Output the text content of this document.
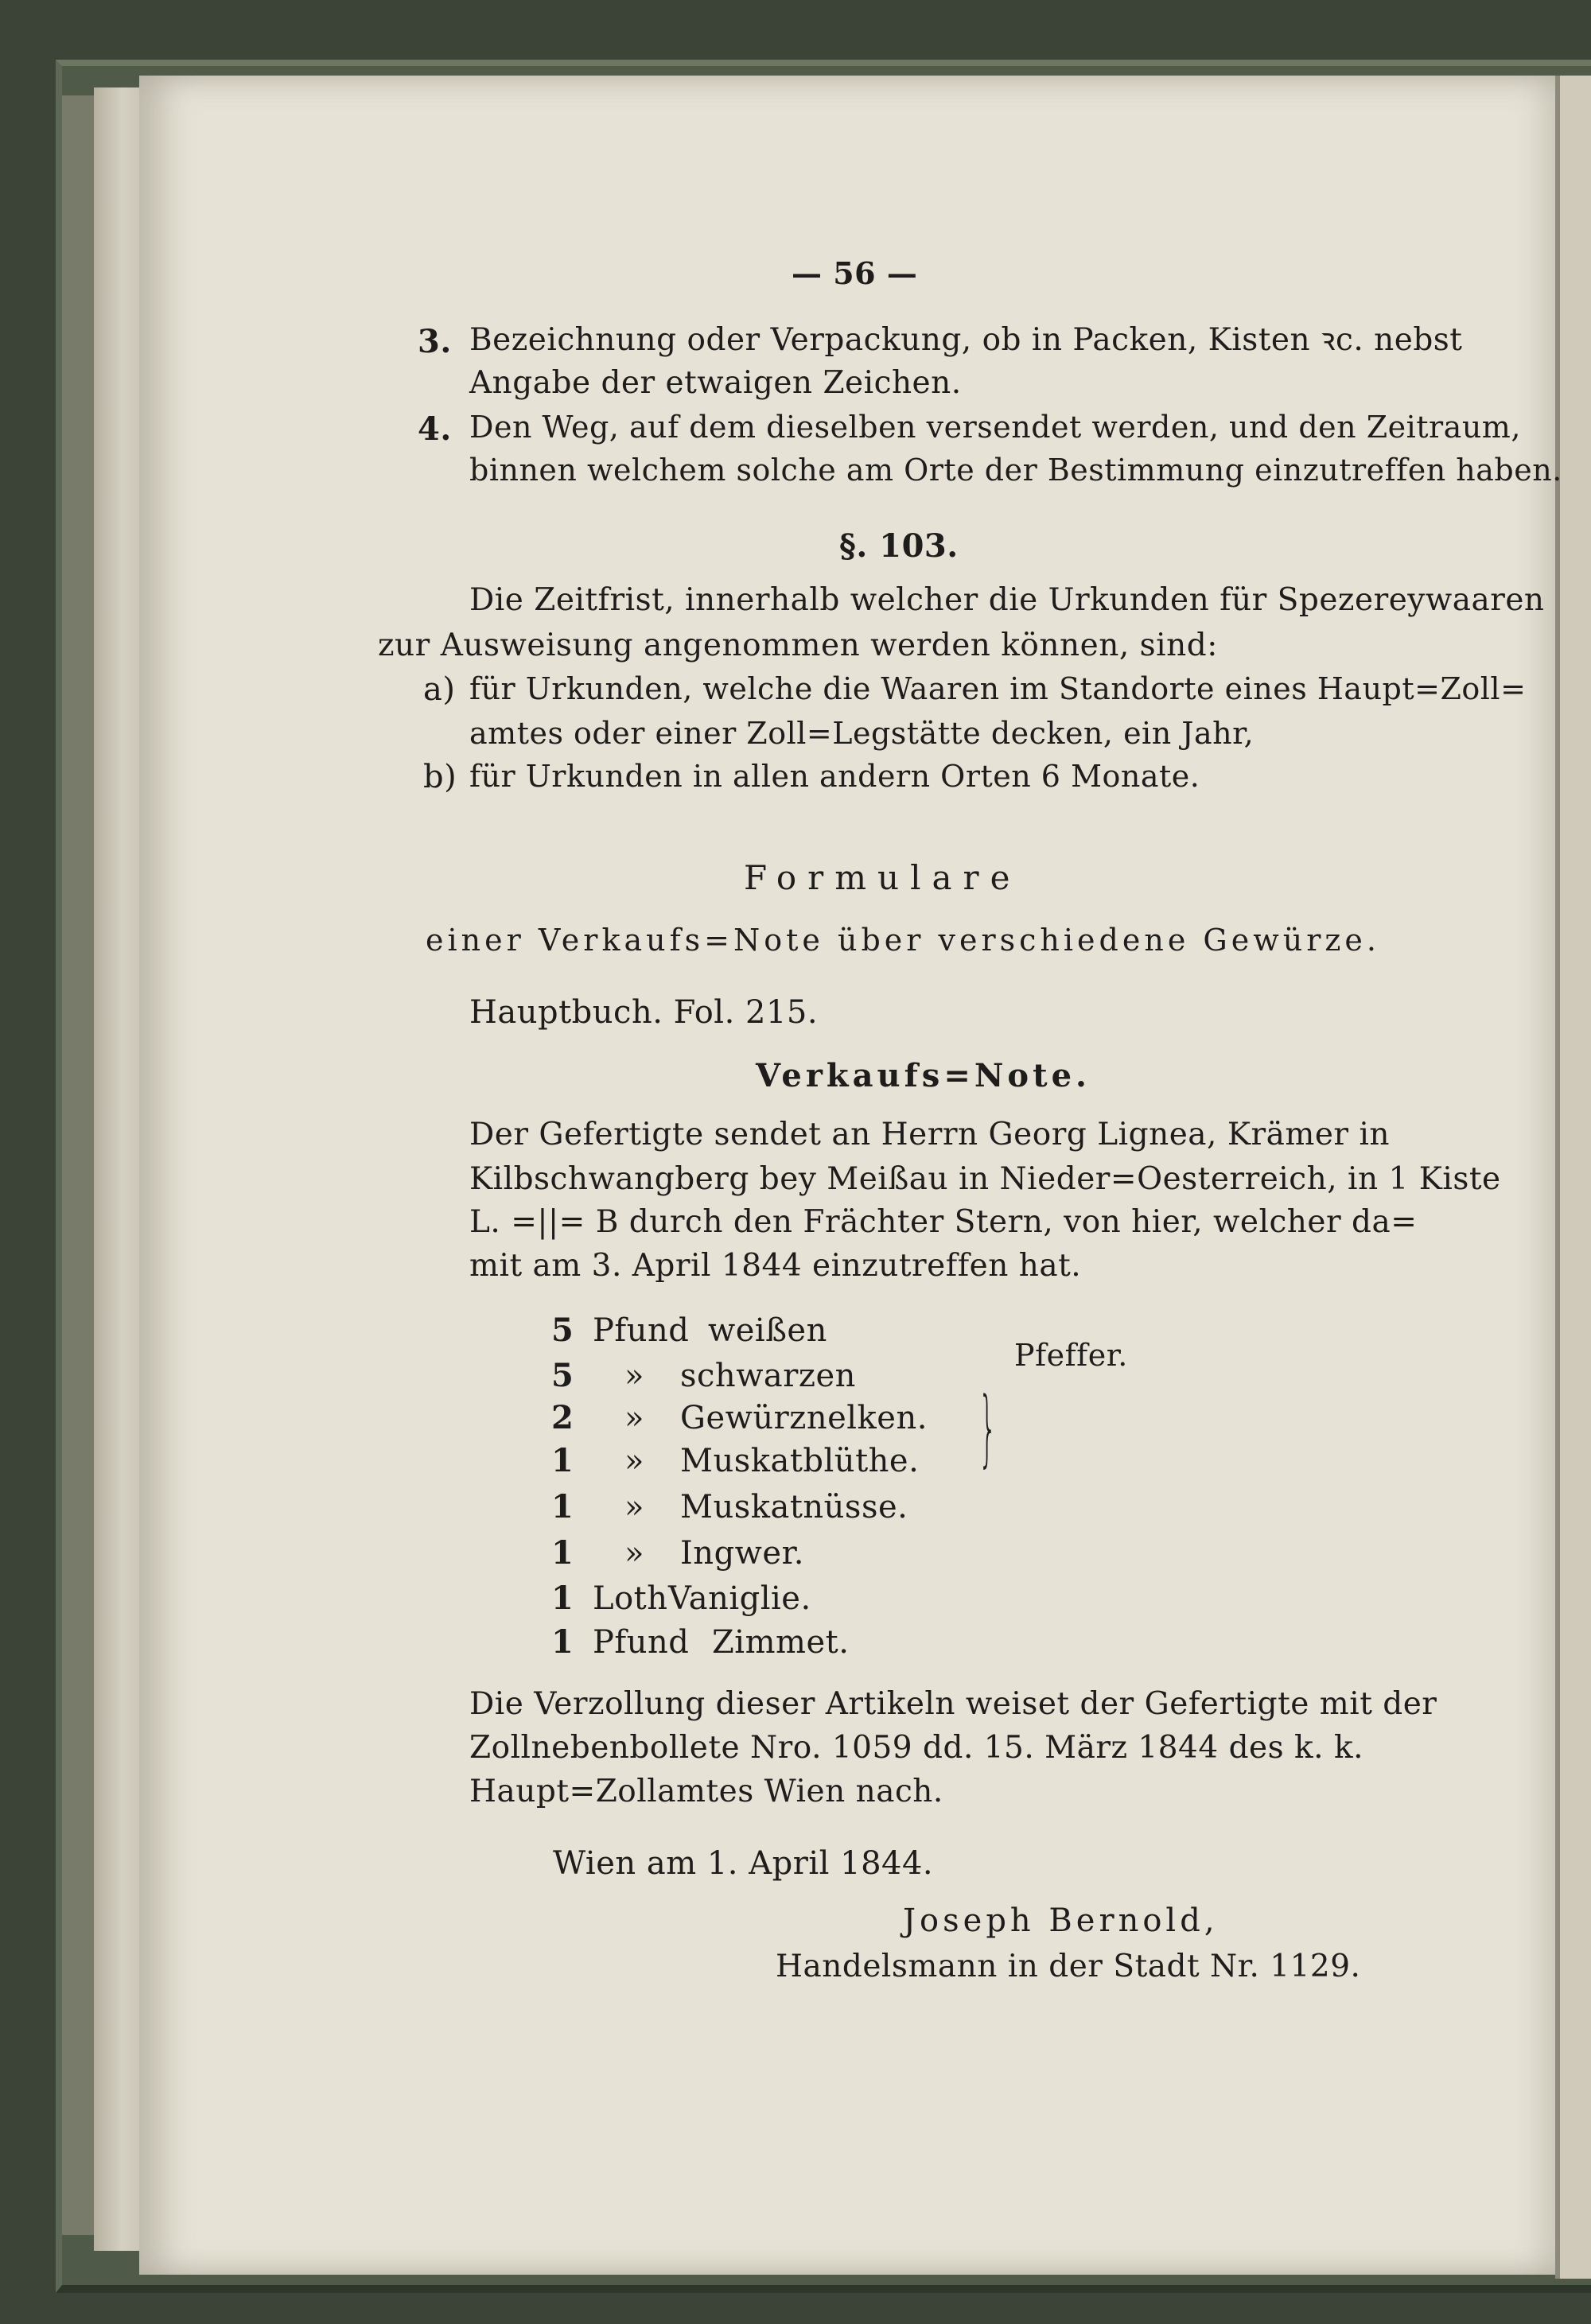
— 56 —
3. Bezeichnung oder Verpackung, ob in Packen, Kisten ꝛc. nebst
Angabe der etwaigen Zeichen.
4. Den Weg, auf dem dieselben versendet werden, und den Zeitraum,
binnen welchem solche am Orte der Bestimmung einzutreffen haben.
§. 103.
Die Zeitfrist, innerhalb welcher die Urkunden für Spezereywaaren
zur Ausweisung angenommen werden können, sind:
a) für Urkunden, welche die Waaren im Standorte eines Haupt=Zoll=
amtes oder einer Zoll=Legstätte decken, ein Jahr,
b) für Urkunden in allen andern Orten 6 Monate.
Formulare
einer Verkaufs=Note über verschiedene Gewürze.
Hauptbuch. Fol. 215.
Verkaufs=Note.
Der Gefertigte sendet an Herrn Georg Lignea, Krämer in
Kilbschwangberg bey Meißau in Nieder=Oesterreich, in 1 Kiste
L. =||= B durch den Frächter Stern, von hier, welcher da=
mit am 3. April 1844 einzutreffen hat.
5 Pfund weißen
5 » schwarzen
2 » Gewürznelken.
1 » Muskatblüthe.
1 » Muskatnüsse.
1 » Ingwer.
1 Loth Vaniglie.
1 Pfund Zimmet.
}
Pfeffer.
Die Verzollung dieser Artikeln weiset der Gefertigte mit der
Zollnebenbollete Nro. 1059 dd. 15. März 1844 des k. k.
Haupt=Zollamtes Wien nach.
Wien am 1. April 1844.
Joseph Bernold,
Handelsmann in der Stadt Nr. 1129.
